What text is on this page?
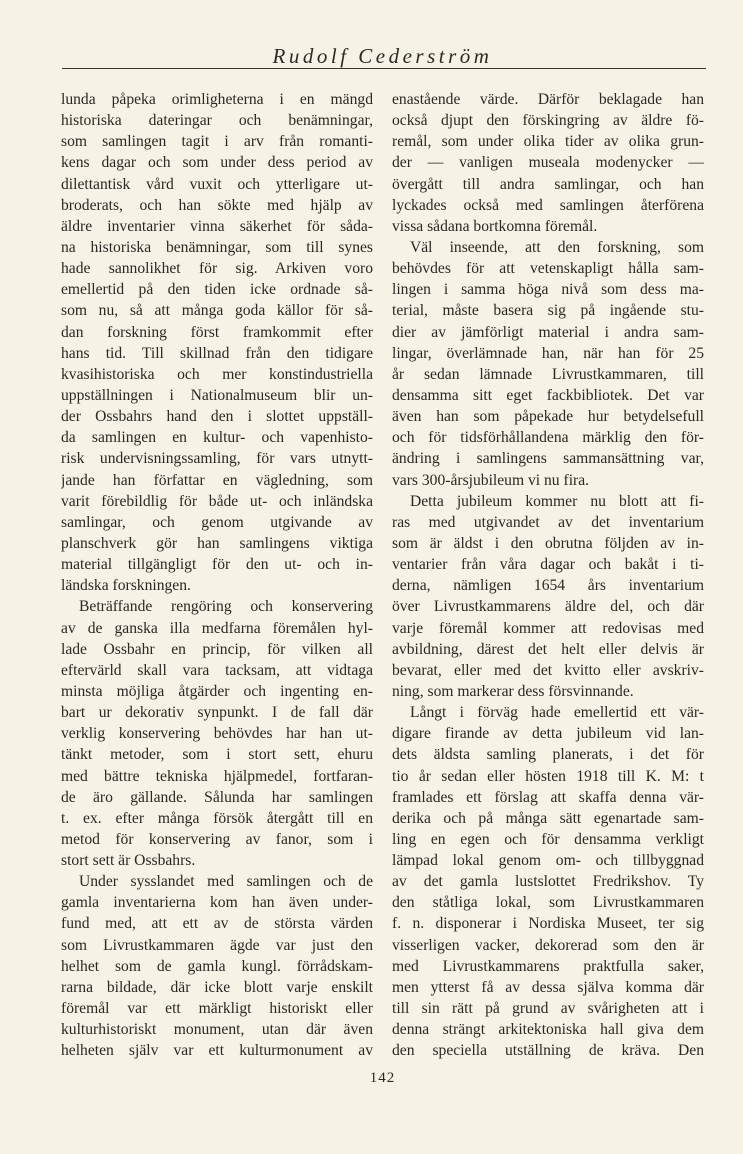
Rudolf Cederström
lunda påpeka orimligheterna i en mängd
historiska dateringar och benämningar,
som samlingen tagit i arv från romanti-
kens dagar och som under dess period av
dilettantisk vård vuxit och ytterligare ut-
broderats, och han sökte med hjälp av
äldre inventarier vinna säkerhet för såda-
na historiska benämningar, som till synes
hade sannolikhet för sig. Arkiven voro
emellertid på den tiden icke ordnade så-
som nu, så att många goda källor för så-
dan forskning först framkommit efter
hans tid. Till skillnad från den tidigare
kvasihistoriska och mer konstindustriella
uppställningen i Nationalmuseum blir un-
der Ossbahrs hand den i slottet uppställ-
da samlingen en kultur- och vapenhisto-
risk undervisningssamling, för vars utnytt-
jande han författar en vägledning, som
varit förebildlig för både ut- och inländska
samlingar, och genom utgivande av
planschverk gör han samlingens viktiga
material tillgängligt för den ut- och in-
ländska forskningen.
Beträffande rengöring och konservering
av de ganska illa medfarna föremålen hyl-
lade Ossbahr en princip, för vilken all
eftervärld skall vara tacksam, att vidtaga
minsta möjliga åtgärder och ingenting en-
bart ur dekorativ synpunkt. I de fall där
verklig konservering behövdes har han ut-
tänkt metoder, som i stort sett, ehuru
med bättre tekniska hjälpmedel, fortfaran-
de äro gällande. Sålunda har samlingen
t. ex. efter många försök återgått till en
metod för konservering av fanor, som i
stort sett är Ossbahrs.
Under sysslandet med samlingen och de
gamla inventarierna kom han även under-
fund med, att ett av de största värden
som Livrustkammaren ägde var just den
helhet som de gamla kungl. förrådskam-
rarna bildade, där icke blott varje enskilt
föremål var ett märkligt historiskt eller
kulturhistoriskt monument, utan där även
helheten själv var ett kulturmonument av
enastående värde. Därför beklagade han
också djupt den förskingring av äldre fö-
remål, som under olika tider av olika grun-
der — vanligen museala modenycker —
övergått till andra samlingar, och han
lyckades också med samlingen återförena
vissa sådana bortkomna föremål.
Väl inseende, att den forskning, som
behövdes för att vetenskapligt hålla sam-
lingen i samma höga nivå som dess ma-
terial, måste basera sig på ingående stu-
dier av jämförligt material i andra sam-
lingar, överlämnade han, när han för 25
år sedan lämnade Livrustkammaren, till
densamma sitt eget fackbibliotek. Det var
även han som påpekade hur betydelsefull
och för tidsförhållandena märklig den för-
ändring i samlingens sammansättning var,
vars 300-årsjubileum vi nu fira.
Detta jubileum kommer nu blott att fi-
ras med utgivandet av det inventarium
som är äldst i den obrutna följden av in-
ventarier från våra dagar och bakåt i ti-
derna, nämligen 1654 års inventarium
över Livrustkammarens äldre del, och där
varje föremål kommer att redovisas med
avbildning, därest det helt eller delvis är
bevarat, eller med det kvitto eller avskriv-
ning, som markerar dess försvinnande.
Långt i förväg hade emellertid ett vär-
digare firande av detta jubileum vid lan-
dets äldsta samling planerats, i det för
tio år sedan eller hösten 1918 till K. M: t
framlades ett förslag att skaffa denna vär-
derika och på många sätt egenartade sam-
ling en egen och för densamma verkligt
lämpad lokal genom om- och tillbyggnad
av det gamla lustslottet Fredrikshov. Ty
den ståtliga lokal, som Livrustkammaren
f. n. disponerar i Nordiska Museet, ter sig
visserligen vacker, dekorerad som den är
med Livrustkammarens praktfulla saker,
men ytterst få av dessa själva komma där
till sin rätt på grund av svårigheten att i
denna strängt arkitektoniska hall giva dem
den speciella utställning de kräva. Den
142
